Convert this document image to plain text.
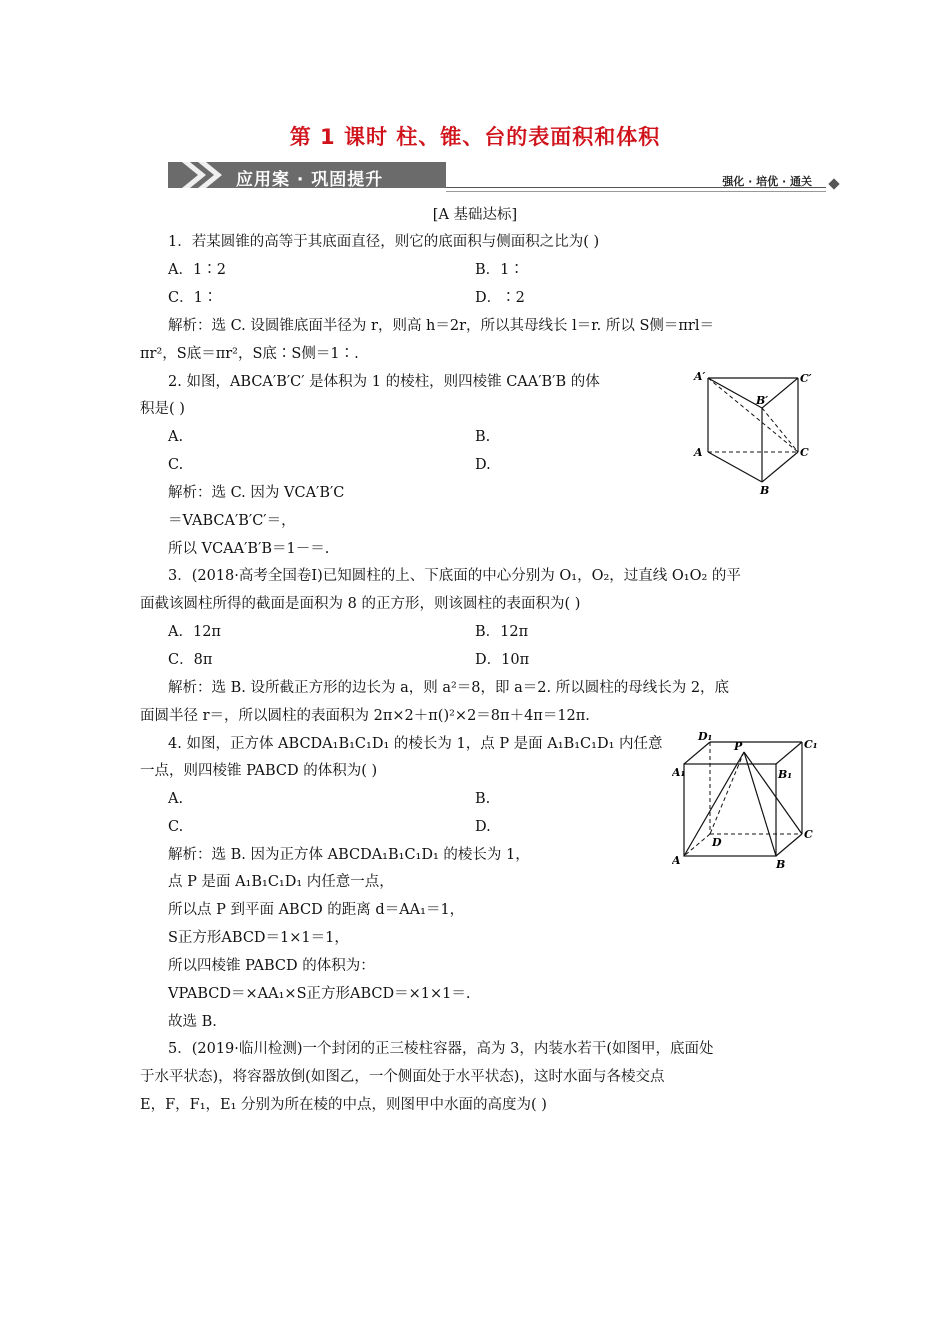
第 1 课时 柱、锥、台的表面积和体积
应用案 · 巩固提升	强化 · 培优 · 通关
[A 基础达标]
1．若某圆锥的高等于其底面直径，则它的底面积与侧面积之比为( )
A．1∶2	B．1∶
C．1∶	D．∶2
解析：选 C. 设圆锥底面半径为 r，则高 h＝2r，所以其母线长 l＝r. 所以 S侧＝πrl＝
πr²，S底＝πr²，S底∶S侧＝1∶.
2. 如图，ABCA′B′C′ 是体积为 1 的棱柱，则四棱锥 CAA′B′B 的体
积是( )
A.	B.
C.	D.
解析：选 C. 因为 VCA′B′C
＝VABCA′B′C′＝，
所以 VCAA′B′B＝1－＝.
3．(2018·高考全国卷Ⅰ)已知圆柱的上、下底面的中心分别为 O₁，O₂，过直线 O₁O₂ 的平
面截该圆柱所得的截面是面积为 8 的正方形，则该圆柱的表面积为( )
A．12π	B．12π
C．8π	D．10π
解析：选 B. 设所截正方形的边长为 a，则 a²＝8，即 a＝2. 所以圆柱的母线长为 2，底
面圆半径 r＝，所以圆柱的表面积为 2π×2＋π()²×2＝8π＋4π＝12π.
4. 如图，正方体 ABCDA₁B₁C₁D₁ 的棱长为 1，点 P 是面 A₁B₁C₁D₁ 内任意
一点，则四棱锥 PABCD 的体积为( )
A.	B.
C.	D.
解析：选 B. 因为正方体 ABCDA₁B₁C₁D₁ 的棱长为 1，
点 P 是面 A₁B₁C₁D₁ 内任意一点，
所以点 P 到平面 ABCD 的距离 d＝AA₁＝1，
S正方形ABCD＝1×1＝1，
所以四棱锥 PABCD 的体积为：
VPABCD＝×AA₁×S正方形ABCD＝×1×1＝.
故选 B.
5．(2019·临川检测)一个封闭的正三棱柱容器，高为 3，内装水若干(如图甲，底面处
于水平状态)，将容器放倒(如图乙，一个侧面处于水平状态)，这时水面与各棱交点
E，F，F₁，E₁ 分别为所在棱的中点，则图甲中水面的高度为( )
A′
B′
C′
A
B
C
D₁
P	C₁
A₁	B₁
D
C
A	B
